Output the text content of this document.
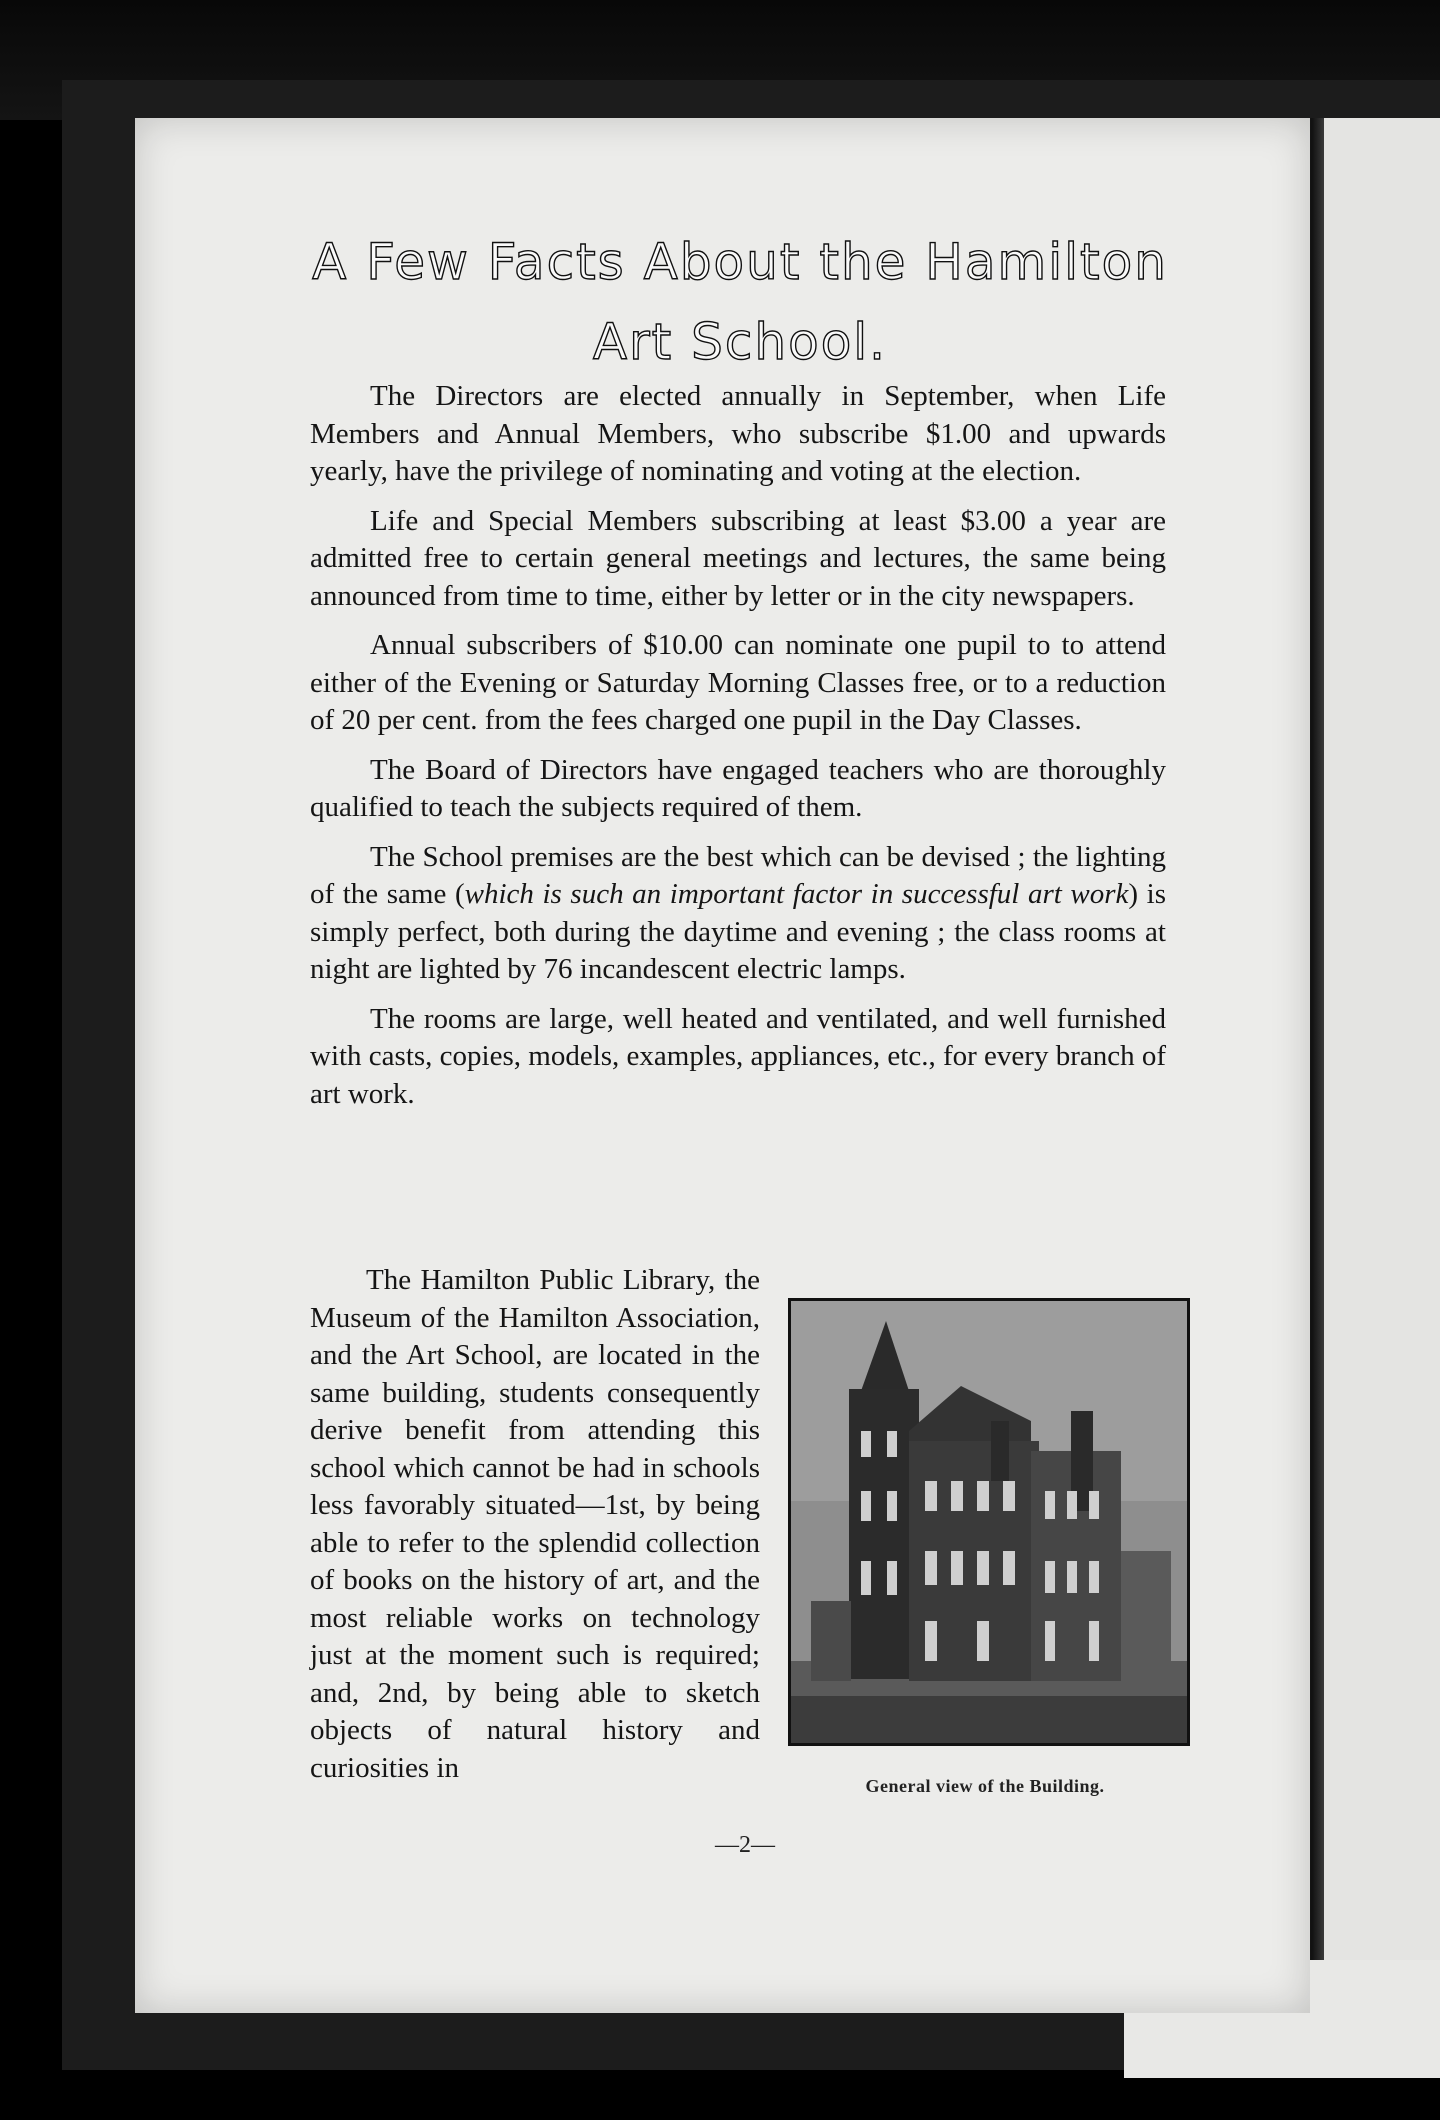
A Few Facts About the Hamilton
Art School.

The Directors are elected annually in September, when Life Members and Annual Members, who subscribe $1.00 and upwards yearly, have the privilege of nominating and voting at the election.

Life and Special Members subscribing at least $3.00 a year are admitted free to certain general meetings and lectures, the same being announced from time to time, either by letter or in the city newspapers.

Annual subscribers of $10.00 can nominate one pupil to to attend either of the Evening or Saturday Morning Classes free, or to a reduction of 20 per cent. from the fees charged one pupil in the Day Classes.

The Board of Directors have engaged teachers who are thoroughly qualified to teach the subjects required of them.

The School premises are the best which can be devised ; the lighting of the same (which is such an important factor in successful art work) is simply perfect, both during the daytime and evening ; the class rooms at night are lighted by 76 incandescent electric lamps.

The rooms are large, well heated and ventilated, and well furnished with casts, copies, models, examples, appliances, etc., for every branch of art work.

The Hamilton Public Library, the Museum of the Hamilton Association, and the Art School, are located in the same building, students consequently derive benefit from attending this school which cannot be had in schools less favorably situated—1st, by being able to refer to the splendid collection of books on the history of art, and the most reliable works on technology just at the moment such is required; and, 2nd, by being able to sketch objects of natural history and curiosities in

General view of the Building.
—2—
